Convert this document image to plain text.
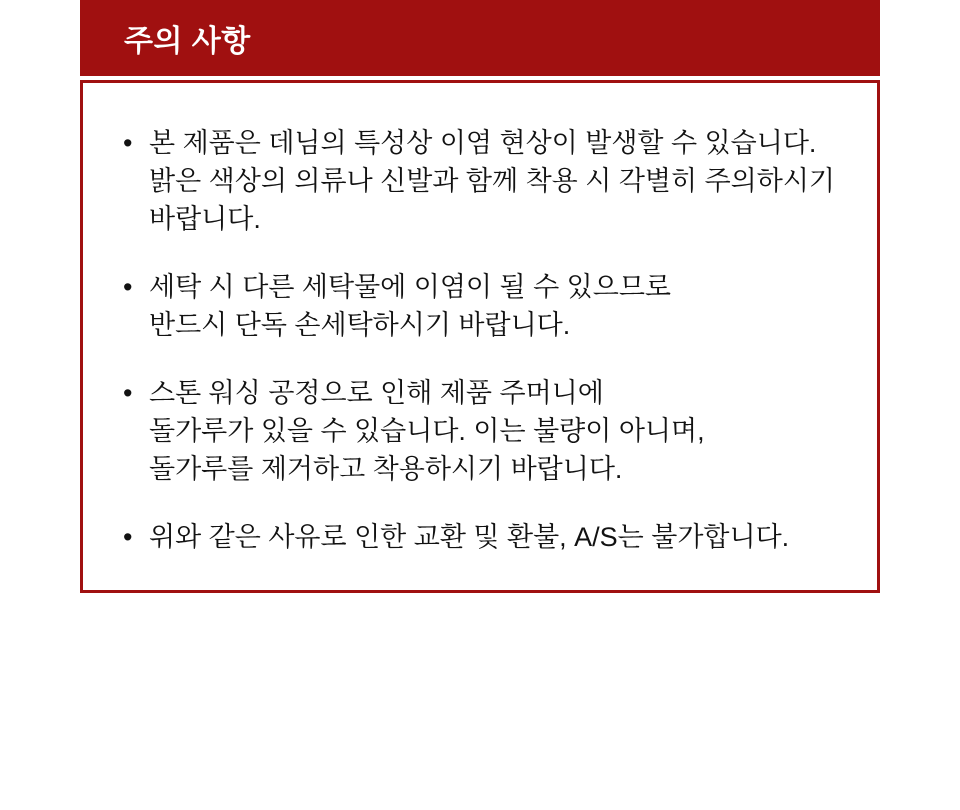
주의 사항
• 본 제품은 데님의 특성상 이염 현상이 발생할 수 있습니다.
밝은 색상의 의류나 신발과 함께 착용 시 각별히 주의하시기
바랍니다.
• 세탁 시 다른 세탁물에 이염이 될 수 있으므로
반드시 단독 손세탁하시기 바랍니다.
• 스톤 워싱 공정으로 인해 제품 주머니에
돌가루가 있을 수 있습니다. 이는 불량이 아니며,
돌가루를 제거하고 착용하시기 바랍니다.
• 위와 같은 사유로 인한 교환 및 환불, A/S는 불가합니다.
